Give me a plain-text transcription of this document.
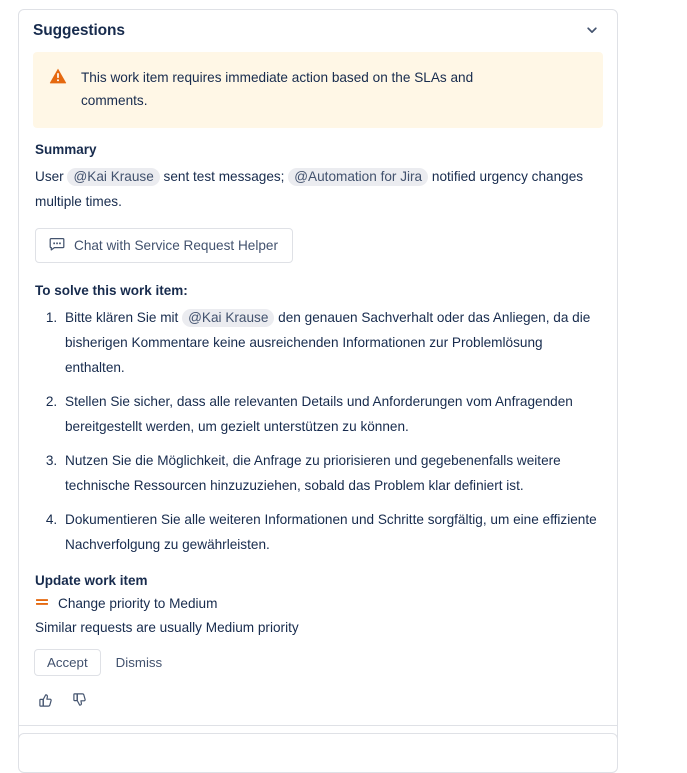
Suggestions
This work item requires immediate action based on the SLAs and comments.
Summary

User @Kai Krause sent test messages; @Automation for Jira notified urgency changes multiple times.

Chat with Service Request Helper
To solve this work item:
1. Bitte klären Sie mit @Kai Krause den genauen Sachverhalt oder das Anliegen, da die bisherigen Kommentare keine ausreichenden Informationen zur Problemlösung enthalten.
2. Stellen Sie sicher, dass alle relevanten Details und Anforderungen vom Anfragenden bereitgestellt werden, um gezielt unterstützen zu können.
3. Nutzen Sie die Möglichkeit, die Anfrage zu priorisieren und gegebenenfalls weitere technische Ressourcen hinzuzuziehen, sobald das Problem klar definiert ist.
4. Dokumentieren Sie alle weiteren Informationen und Schritte sorgfältig, um eine effiziente Nachverfolgung zu gewährleisten.
Update work item
Change priority to Medium
Similar requests are usually Medium priority
Accept	Dismiss
